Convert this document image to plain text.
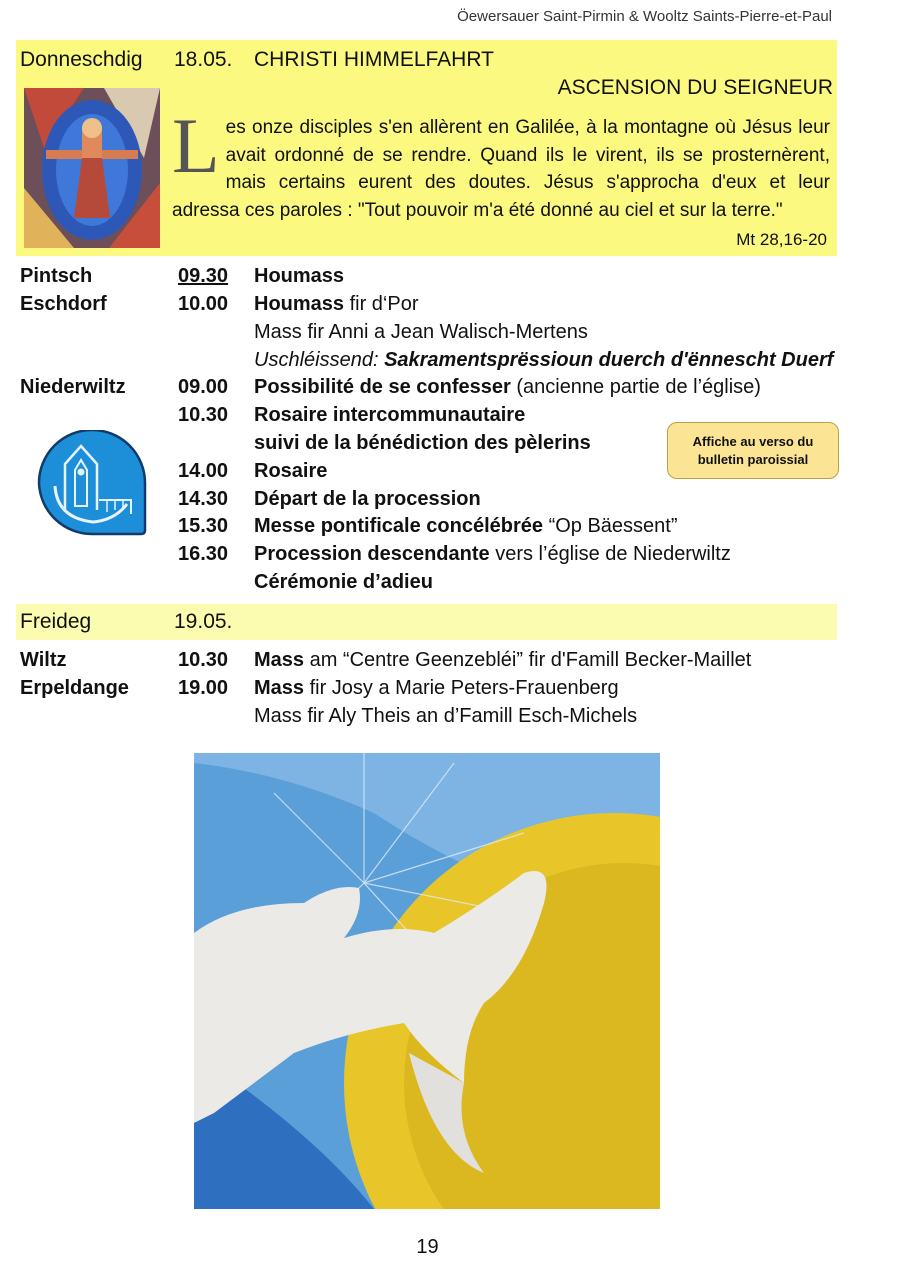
Öewersauer Saint-Pirmin & Wooltz Saints-Pierre-et-Paul
Donneschdig 18.05. CHRISTI HIMMELFAHRT
ASCENSION DU SEIGNEUR
Les onze disciples s'en allèrent en Galilée, à la montagne où Jésus leur avait ordonné de se rendre. Quand ils le virent, ils se prosternèrent, mais certains eurent des doutes. Jésus s'approcha d'eux et leur adressa ces paroles : "Tout pouvoir m'a été donné au ciel et sur la terre."
Mt 28,16-20
Pintsch	09.30 Houmass
Eschdorf	10.00 Houmass fir d‘Por
Mass fir Anni a Jean Walisch-Mertens
Uschléissend: Sakramentsprëssioun duerch d'ënnescht Duerf
Niederwiltz	09.00 Possibilité de se confesser (ancienne partie de l’église)
10.30 Rosaire intercommunautaire
suivi de la bénédiction des pèlerins
14.00 Rosaire
14.30 Départ de la procession
15.30 Messe pontificale concélébrée “Op Bäessent”
16.30 Procession descendante vers l’église de Niederwiltz
Cérémonie d’adieu
Affiche au verso du
bulletin paroissial
Freideg	19.05.
Wiltz	10.30 Mass am “Centre Geenzebléi” fir d'Famill Becker-Maillet
Erpeldange 19.00 Mass fir Josy a Marie Peters-Frauenberg
Mass fir Aly Theis an d’Famill Esch-Michels
19
